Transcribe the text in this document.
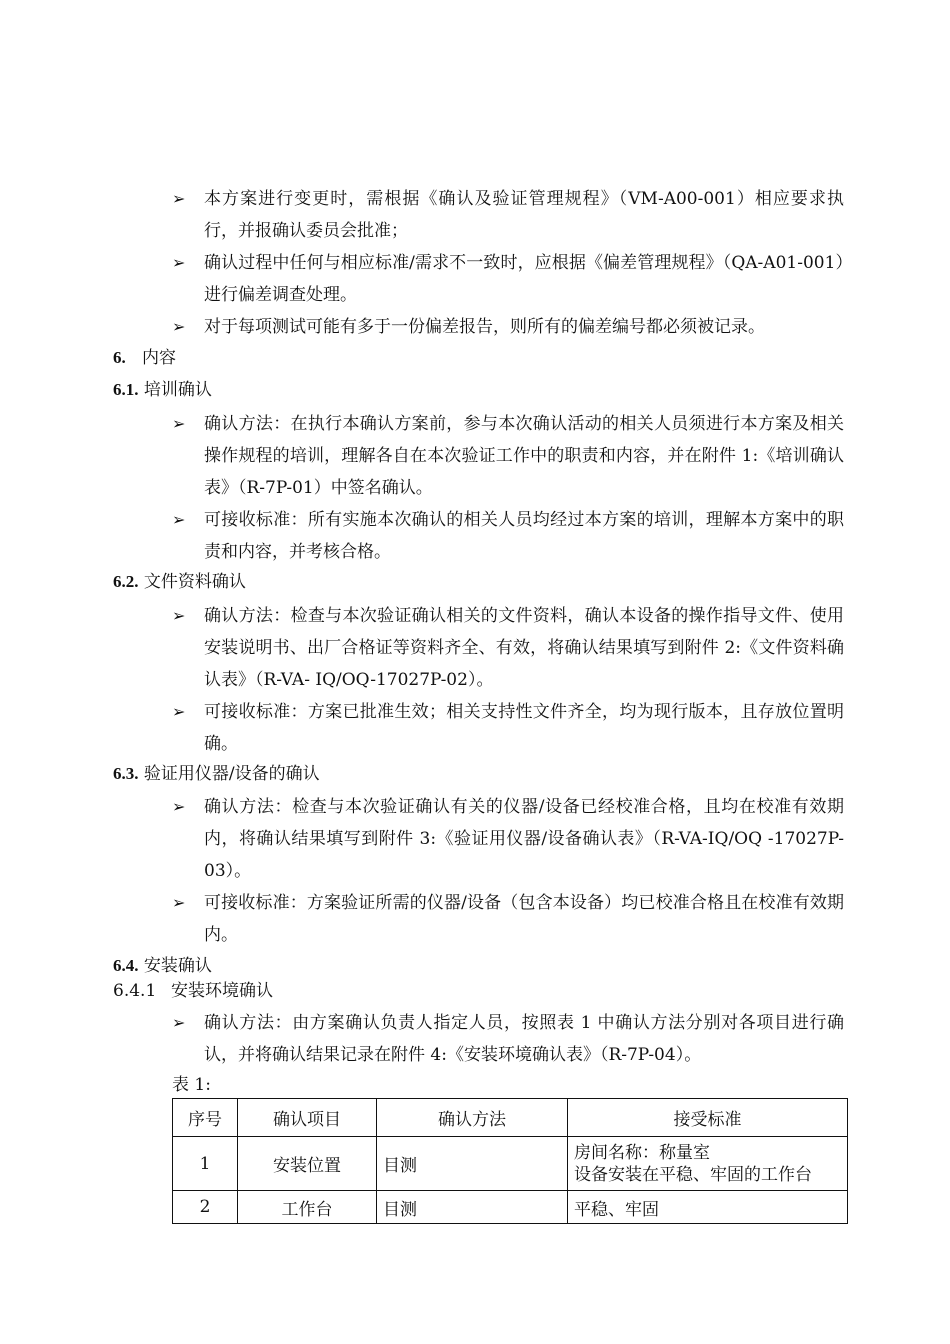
➢ 本方案进行变更时，需根据《确认及验证管理规程》（VM-A00-001）相应要求执行，并报确认委员会批准；
➢ 确认过程中任何与相应标准/需求不一致时，应根据《偏差管理规程》（QA-A01-001）进行偏差调查处理。
➢ 对于每项测试可能有多于一份偏差报告，则所有的偏差编号都必须被记录。
6. 内容
6.1. 培训确认
➢ 确认方法：在执行本确认方案前，参与本次确认活动的相关人员须进行本方案及相关操作规程的培训，理解各自在本次验证工作中的职责和内容，并在附件 1:《培训确认表》（R-7P-01）中签名确认。
➢ 可接收标准：所有实施本次确认的相关人员均经过本方案的培训，理解本方案中的职责和内容，并考核合格。
6.2. 文件资料确认
➢ 确认方法：检查与本次验证确认相关的文件资料，确认本设备的操作指导文件、使用安装说明书、出厂合格证等资料齐全、有效，将确认结果填写到附件 2:《文件资料确认表》（R-VA- IQ/OQ-17027P-02）。
➢ 可接收标准：方案已批准生效；相关支持性文件齐全，均为现行版本，且存放位置明确。
6.3. 验证用仪器/设备的确认
➢ 确认方法：检查与本次验证确认有关的仪器/设备已经校准合格，且均在校准有效期内，将确认结果填写到附件 3:《验证用仪器/设备确认表》（R-VA-IQ/OQ -17027P-03）。
➢ 可接收标准：方案验证所需的仪器/设备（包含本设备）均已校准合格且在校准有效期内。
6.4. 安装确认
6.4.1 安装环境确认
➢ 确认方法：由方案确认负责人指定人员，按照表 1 中确认方法分别对各项目进行确认，并将确认结果记录在附件 4:《安装环境确认表》（R-7P-04）。
表 1:
序号	确认项目	确认方法	接受标准
1	安装位置	目测	房间名称：称量室
设备安装在平稳、牢固的工作台

2	工作台	目测	平稳、牢固
